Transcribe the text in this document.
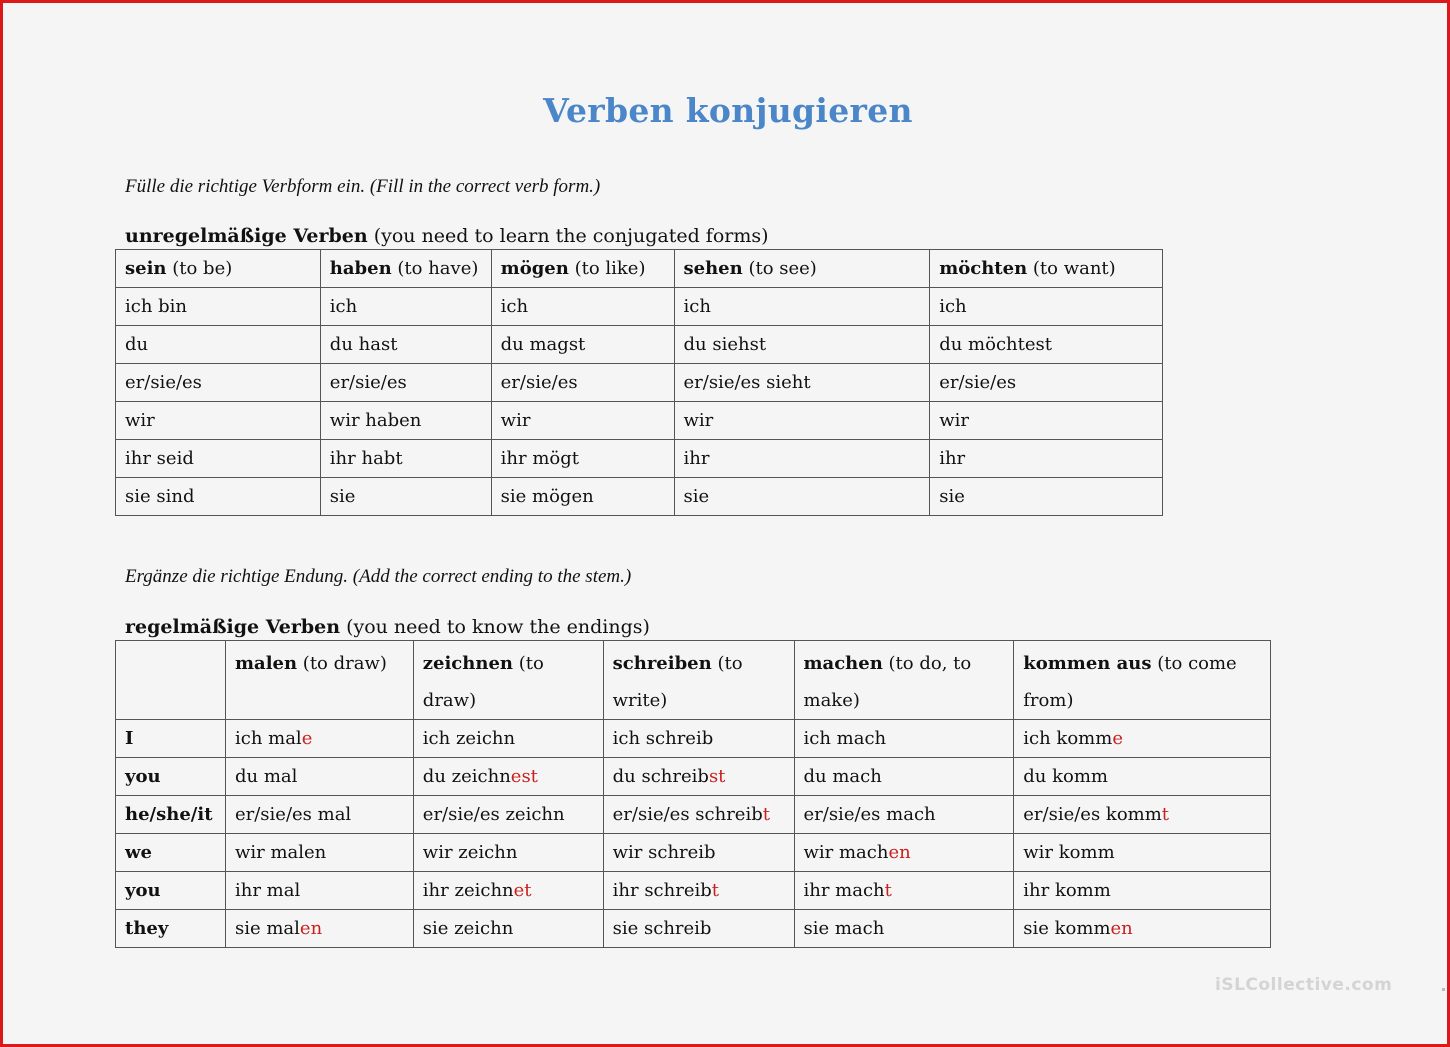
Verben konjugieren
Fülle die richtige Verbform ein. (Fill in the correct verb form.)
unregelmäßige Verben (you need to learn the conjugated forms)
sein (to be)	haben (to have)	mögen (to like)	sehen (to see)	möchten (to want)
ich bin	ich	ich	ich	ich
du	du hast	du magst	du siehst	du möchtest
er/sie/es	er/sie/es	er/sie/es	er/sie/es sieht	er/sie/es
wir	wir haben	wir	wir	wir
ihr seid	ihr habt	ihr mögt	ihr	ihr
sie sind	sie	sie mögen	sie	sie
Ergänze die richtige Endung. (Add the correct ending to the stem.)
regelmäßige Verben (you need to know the endings)
	malen (to draw)	zeichnen (to draw)	schreiben (to write)	machen (to do, to make)	kommen aus (to come from)
I	ich male	ich zeichn	ich schreib	ich mach	ich komme
you	du mal	du zeichnest	du schreibst	du mach	du komm
he/she/it	er/sie/es mal	er/sie/es zeichn	er/sie/es schreibt	er/sie/es mach	er/sie/es kommt
we	wir malen	wir zeichn	wir schreib	wir machen	wir komm
you	ihr mal	ihr zeichnet	ihr schreibt	ihr macht	ihr komm
they	sie malen	sie zeichn	sie schreib	sie mach	sie kommen
iSLCollective.com
